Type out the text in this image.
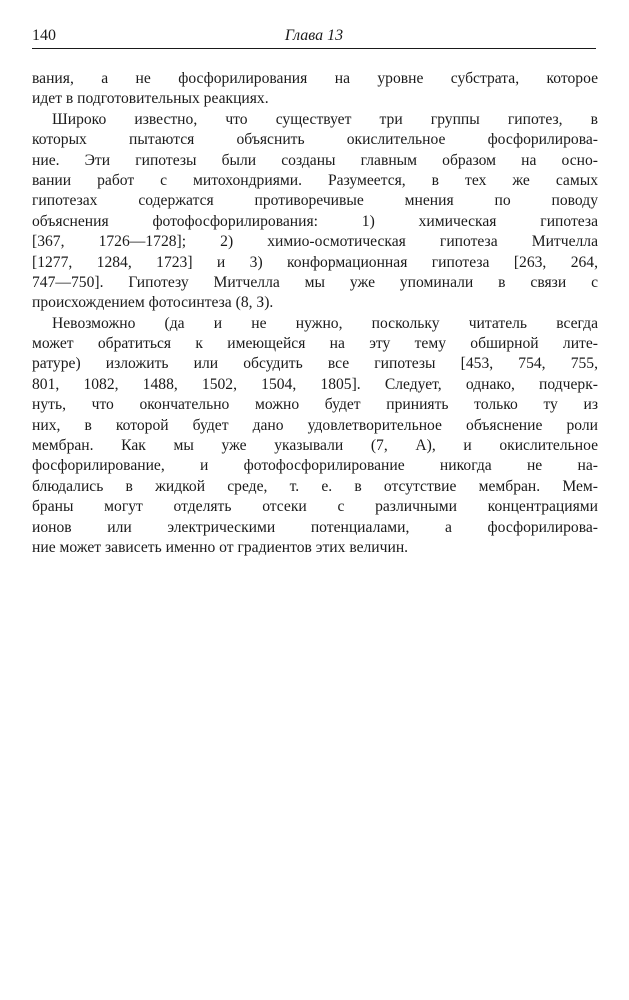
140	Глава 13
вания, а не фосфорилирования на уровне субстрата, которое
идет в подготовительных реакциях.
Широко известно, что существует три группы гипотез, в
которых пытаются объяснить окислительное фосфорилирова-
ние. Эти гипотезы были созданы главным образом на осно-
вании работ с митохондриями. Разумеется, в тех же самых
гипотезах содержатся противоречивые мнения по поводу
объяснения фотофосфорилирования: 1) химическая гипотеза
[367, 1726—1728]; 2) химио-осмотическая гипотеза Митчелла
[1277, 1284, 1723] и 3) конформационная гипотеза [263, 264,
747—750]. Гипотезу Митчелла мы уже упоминали в связи с
происхождением фотосинтеза (8, З).
Невозможно (да и не нужно, поскольку читатель всегда
может обратиться к имеющейся на эту тему обширной лите-
ратуре) изложить или обсудить все гипотезы [453, 754, 755,
801, 1082, 1488, 1502, 1504, 1805]. Следует, однако, подчерк-
нуть, что окончательно можно будет приниять только ту из
них, в которой будет дано удовлетворительное объяснение роли
мембран. Как мы уже указывали (7, А), и окислительное
фосфорилирование, и фотофосфорилирование никогда не на-
блюдались в жидкой среде, т. е. в отсутствие мембран. Мем-
браны могут отделять отсеки с различными концентрациями
ионов или электрическими потенциалами, а фосфорилирова-
ние может зависеть именно от градиентов этих величин.
